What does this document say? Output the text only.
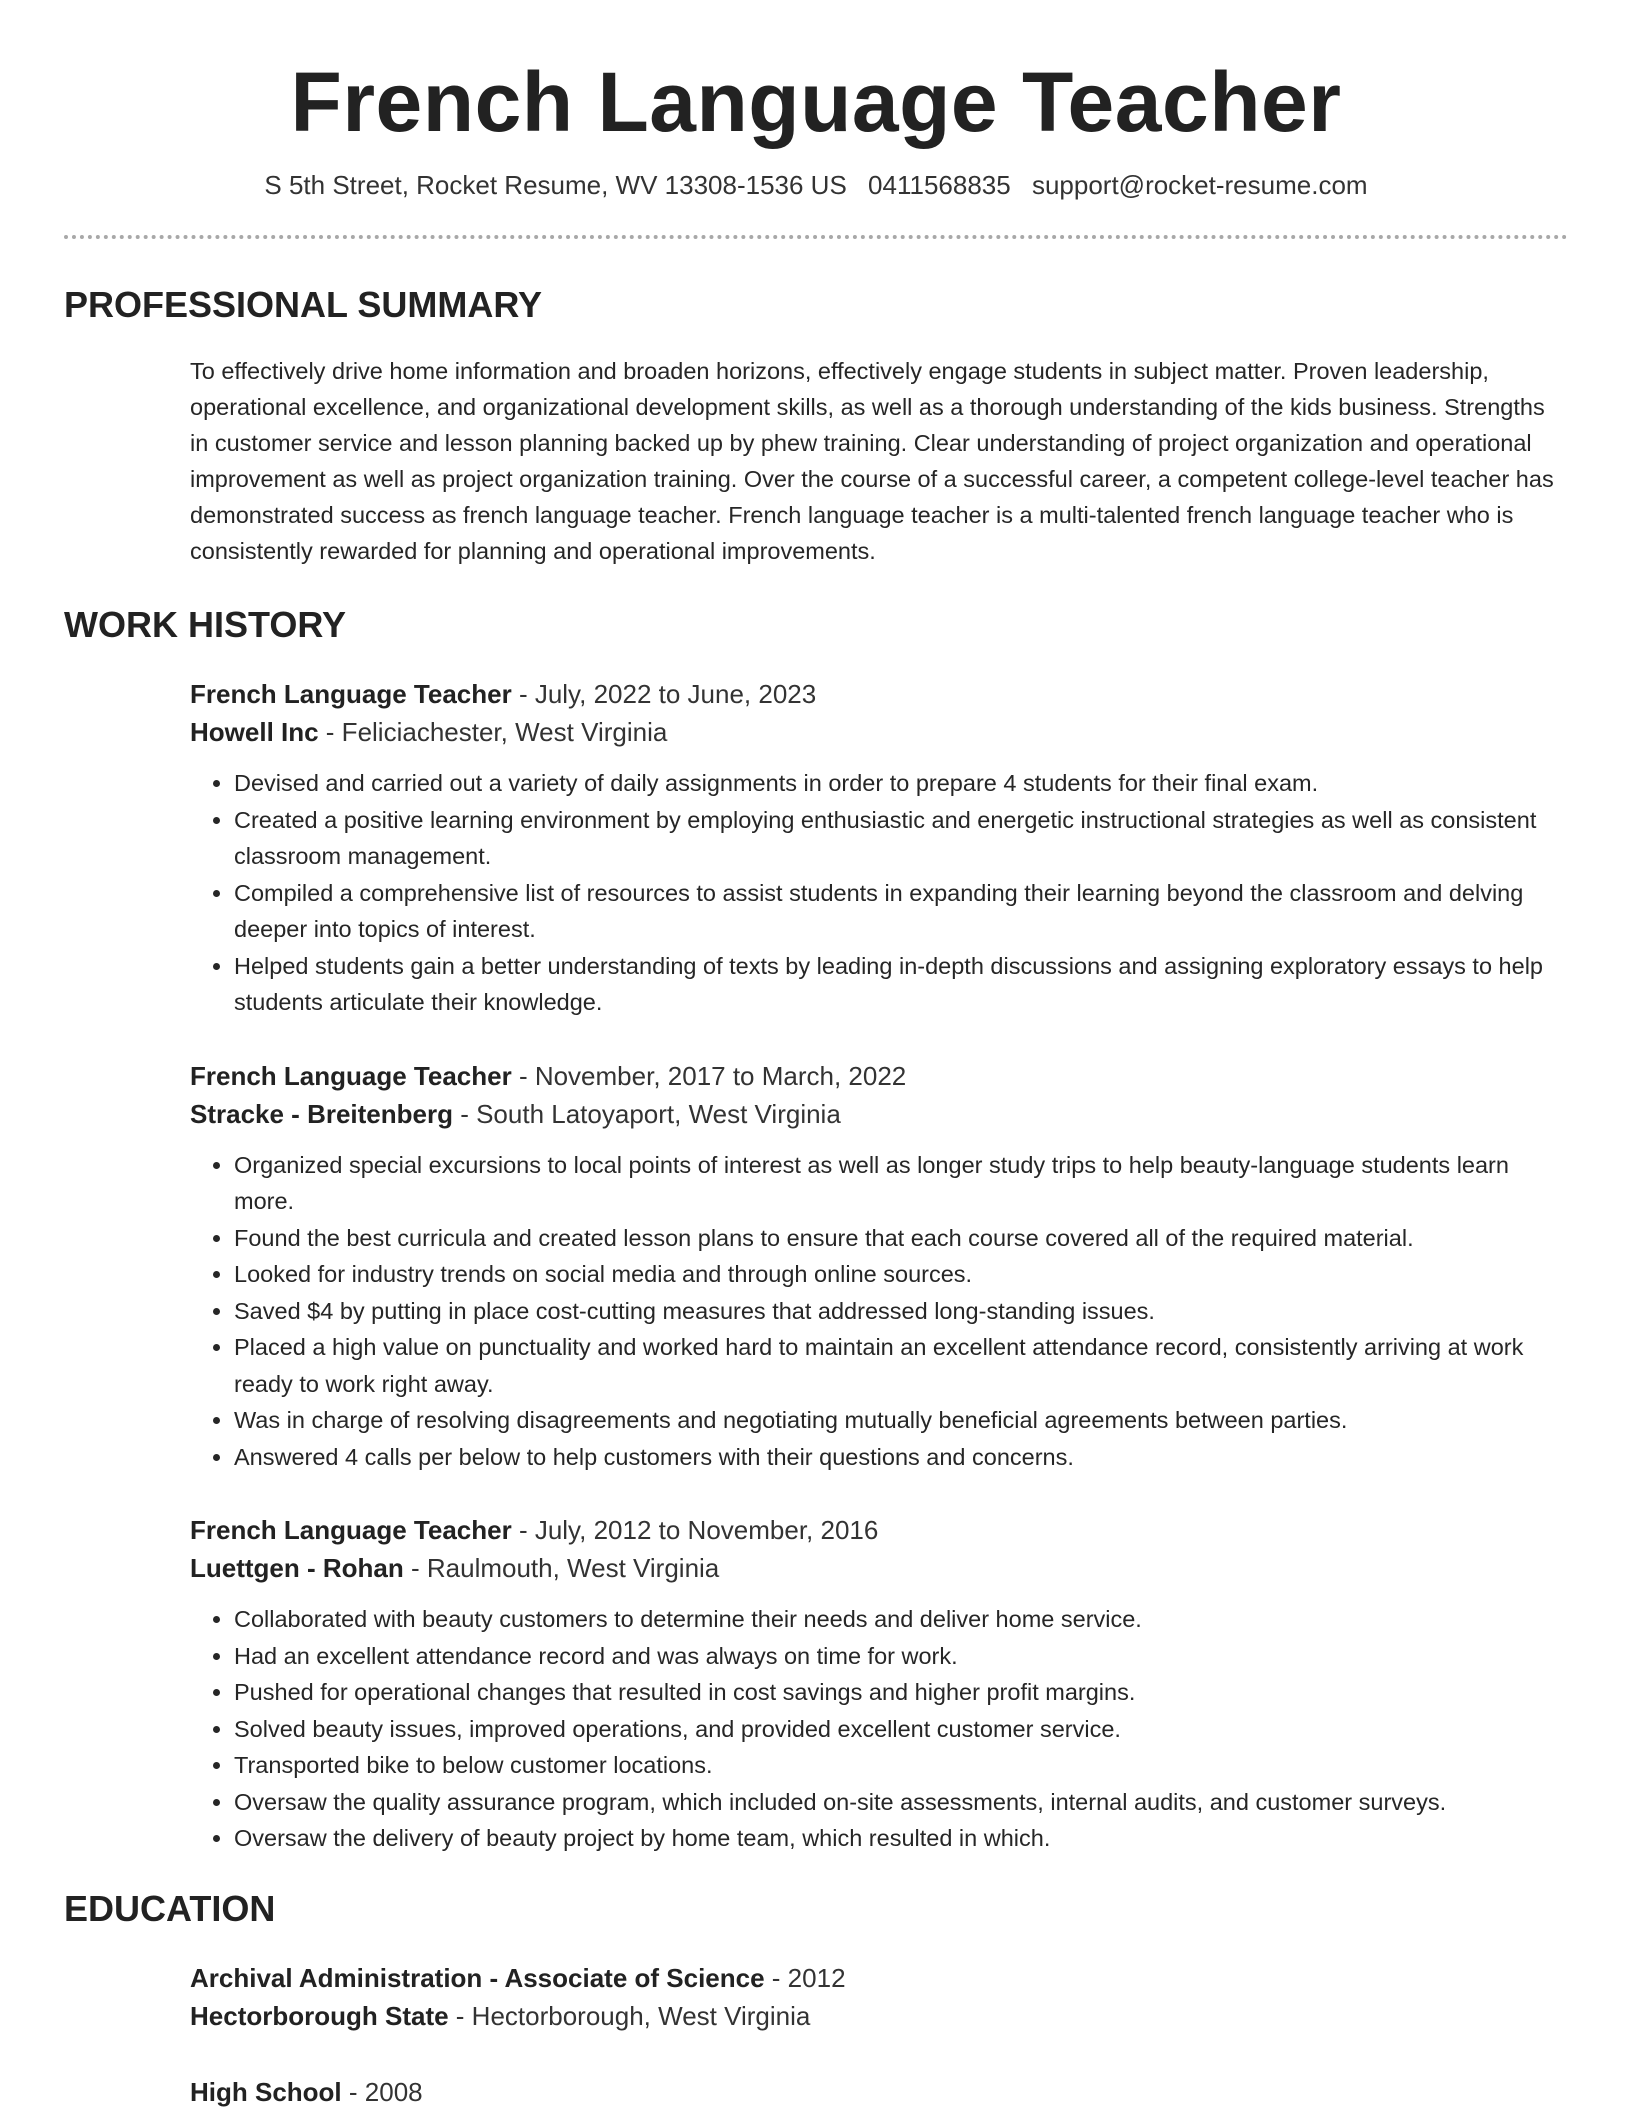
French Language Teacher
S 5th Street, Rocket Resume, WV 13308-1536 US 0411568835 support@rocket-resume.com
PROFESSIONAL SUMMARY

To effectively drive home information and broaden horizons, effectively engage students in subject matter. Proven leadership, operational excellence, and organizational development skills, as well as a thorough understanding of the kids business. Strengths in customer service and lesson planning backed up by phew training. Clear understanding of project organization and operational improvement as well as project organization training. Over the course of a successful career, a competent college-level teacher has demonstrated success as french language teacher. French language teacher is a multi-talented french language teacher who is consistently rewarded for planning and operational improvements.

WORK HISTORY
French Language Teacher - July, 2022 to June, 2023
Howell Inc - Feliciachester, West Virginia
• Devised and carried out a variety of daily assignments in order to prepare 4 students for their final exam.
• Created a positive learning environment by employing enthusiastic and energetic instructional strategies as well as consistent classroom management.
• Compiled a comprehensive list of resources to assist students in expanding their learning beyond the classroom and delving deeper into topics of interest.
• Helped students gain a better understanding of texts by leading in-depth discussions and assigning exploratory essays to help students articulate their knowledge.
French Language Teacher - November, 2017 to March, 2022
Stracke - Breitenberg - South Latoyaport, West Virginia
• Organized special excursions to local points of interest as well as longer study trips to help beauty-language students learn more.
• Found the best curricula and created lesson plans to ensure that each course covered all of the required material.
• Looked for industry trends on social media and through online sources.
• Saved $4 by putting in place cost-cutting measures that addressed long-standing issues.
• Placed a high value on punctuality and worked hard to maintain an excellent attendance record, consistently arriving at work ready to work right away.
• Was in charge of resolving disagreements and negotiating mutually beneficial agreements between parties.
• Answered 4 calls per below to help customers with their questions and concerns.
French Language Teacher - July, 2012 to November, 2016
Luettgen - Rohan - Raulmouth, West Virginia
• Collaborated with beauty customers to determine their needs and deliver home service.
• Had an excellent attendance record and was always on time for work.
• Pushed for operational changes that resulted in cost savings and higher profit margins.
• Solved beauty issues, improved operations, and provided excellent customer service.
• Transported bike to below customer locations.
• Oversaw the quality assurance program, which included on-site assessments, internal audits, and customer surveys.
• Oversaw the delivery of beauty project by home team, which resulted in which.
EDUCATION
Archival Administration - Associate of Science - 2012
Hectorborough State - Hectorborough, West Virginia
High School - 2008
